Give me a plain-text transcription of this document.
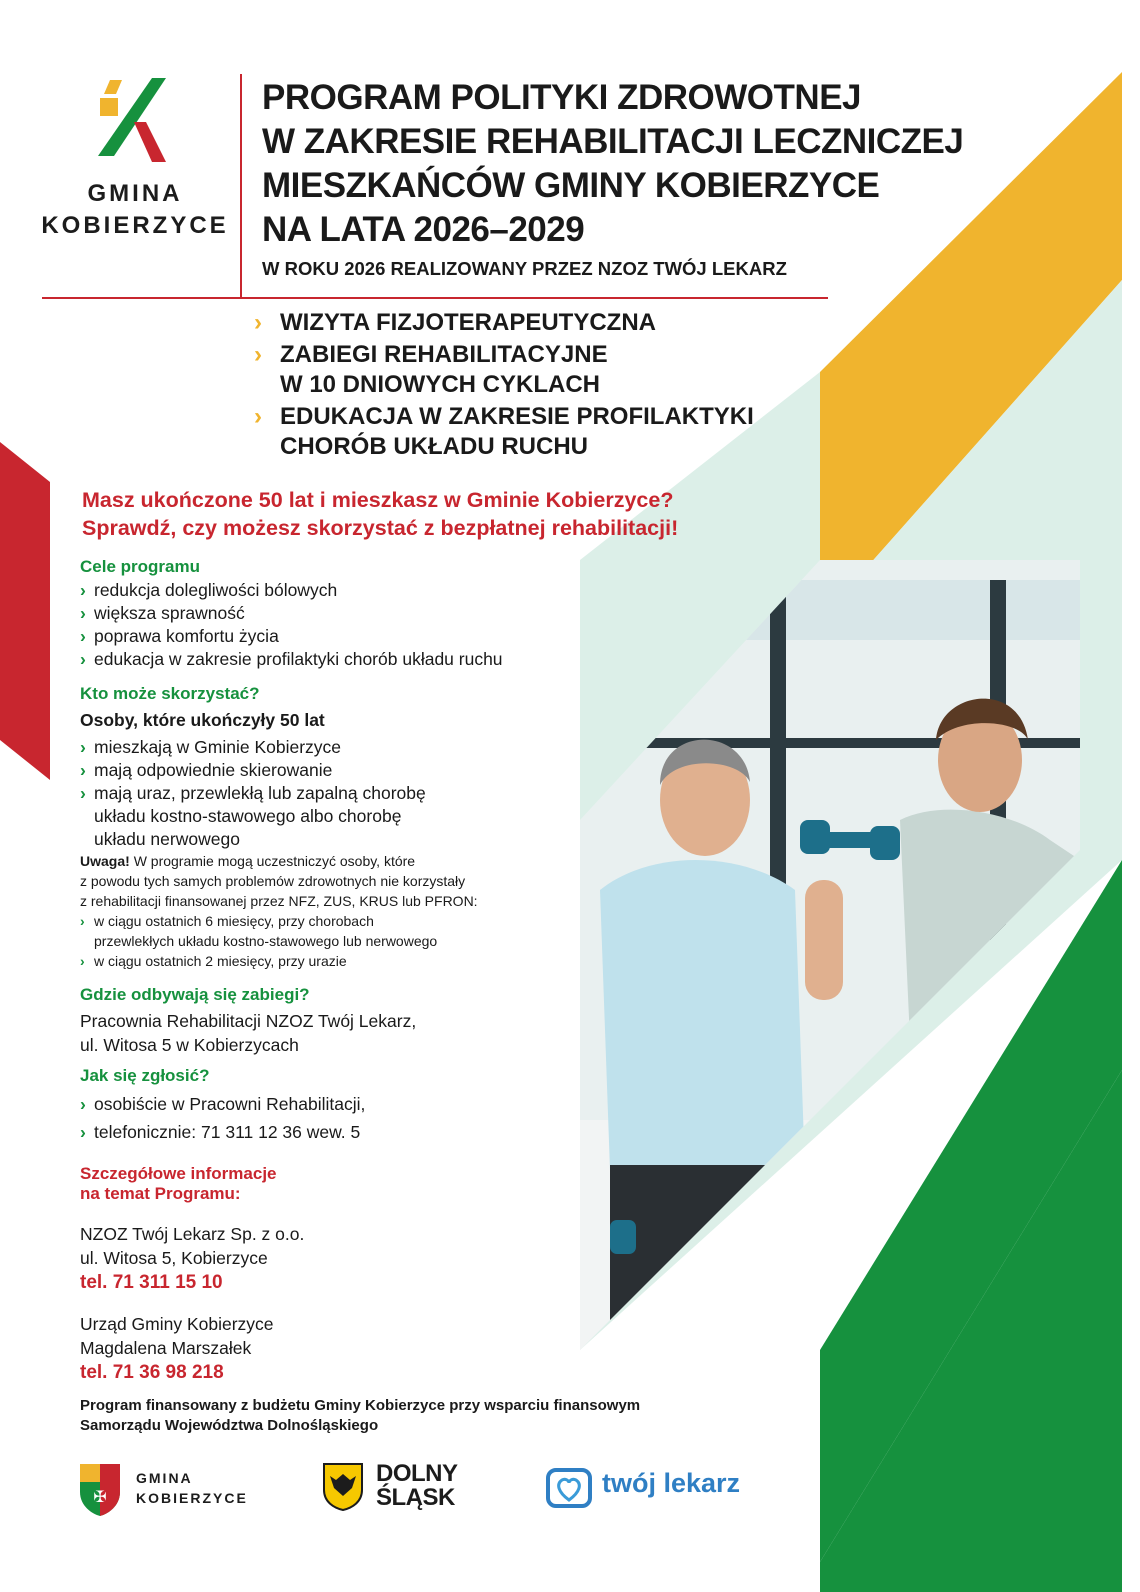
GMINA
KOBIERZYCE
PROGRAM POLITYKI ZDROWOTNEJ
W ZAKRESIE REHABILITACJI LECZNICZEJ
MIESZKAŃCÓW GMINY KOBIERZYCE
NA LATA 2026–2029
W ROKU 2026 REALIZOWANY PRZEZ NZOZ TWÓJ LEKARZ
› WIZYTA FIZJOTERAPEUTYCZNA
› ZABIEGI REHABILITACYJNE
W 10 DNIOWYCH CYKLACH
› EDUKACJA W ZAKRESIE PROFILAKTYKI
CHORÓB UKŁADU RUCHU
Masz ukończone 50 lat i mieszkasz w Gminie Kobierzyce?
Sprawdź, czy możesz skorzystać z bezpłatnej rehabilitacji!
Cele programu
› redukcja dolegliwości bólowych
› większa sprawność
› poprawa komfortu życia
› edukacja w zakresie profilaktyki chorób układu ruchu
Kto może skorzystać?
Osoby, które ukończyły 50 lat
› mieszkają w Gminie Kobierzyce
› mają odpowiednie skierowanie
› mają uraz, przewlekłą lub zapalną chorobę
układu kostno-stawowego albo chorobę
układu nerwowego
Uwaga! W programie mogą uczestniczyć osoby, które
z powodu tych samych problemów zdrowotnych nie korzystały
z rehabilitacji finansowanej przez NFZ, ZUS, KRUS lub PFRON:
› w ciągu ostatnich 6 miesięcy, przy chorobach
przewlekłych układu kostno-stawowego lub nerwowego
› w ciągu ostatnich 2 miesięcy, przy urazie
Gdzie odbywają się zabiegi?
Pracownia Rehabilitacji NZOZ Twój Lekarz,
ul. Witosa 5 w Kobierzycach
Jak się zgłosić?
› osobiście w Pracowni Rehabilitacji,
› telefonicznie: 71 311 12 36 wew. 5
Szczegółowe informacje
na temat Programu:
NZOZ Twój Lekarz Sp. z o.o.
ul. Witosa 5, Kobierzyce
tel. 71 311 15 10
Urząd Gminy Kobierzyce
Magdalena Marszałek
tel. 71 36 98 218
Program finansowany z budżetu Gminy Kobierzyce przy wsparciu finansowym
Samorządu Województwa Dolnośląskiego
✠
GMINA
KOBIERZYCE
DOLNY
ŚLĄSK	twój lekarz
